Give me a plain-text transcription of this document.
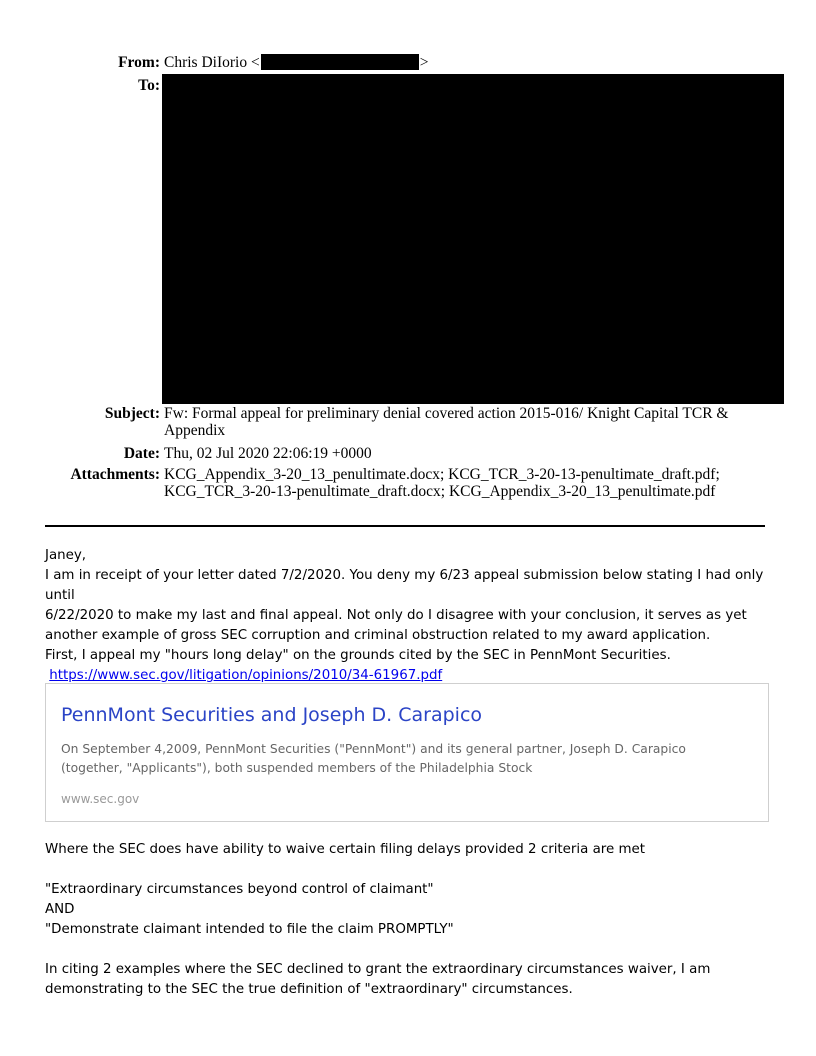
From: Chris DiIorio <	>
To:
Subject: Fw: Formal appeal for preliminary denial covered action 2015-016/ Knight Capital TCR & Appendix
Date: Thu, 02 Jul 2020 22:06:19 +0000
Attachments: KCG_Appendix_3-20_13_penultimate.docx; KCG_TCR_3-20-13-penultimate_draft.pdf;
KCG_TCR_3-20-13-penultimate_draft.docx; KCG_Appendix_3-20_13_penultimate.pdf

Janey,

I am in receipt of your letter dated 7/2/2020. You deny my 6/23 appeal submission below stating I had only until

6/22/2020 to make my last and final appeal. Not only do I disagree with your conclusion, it serves as yet

another example of gross SEC corruption and criminal obstruction related to my award application.

First, I appeal my "hours long delay" on the grounds cited by the SEC in PennMont Securities.

https://www.sec.gov/litigation/opinions/2010/34-61967.pdf

PennMont Securities and Joseph D. Carapico
On September 4,2009, PennMont Securities ("PennMont") and its general partner, Joseph D. Carapico
(together, "Applicants"), both suspended members of the Philadelphia Stock
www.sec.gov

Where the SEC does have ability to waive certain filing delays provided 2 criteria are met

"Extraordinary circumstances beyond control of claimant"

AND

"Demonstrate claimant intended to file the claim PROMPTLY"

In citing 2 examples where the SEC declined to grant the extraordinary circumstances waiver, I am

demonstrating to the SEC the true definition of "extraordinary" circumstances.
